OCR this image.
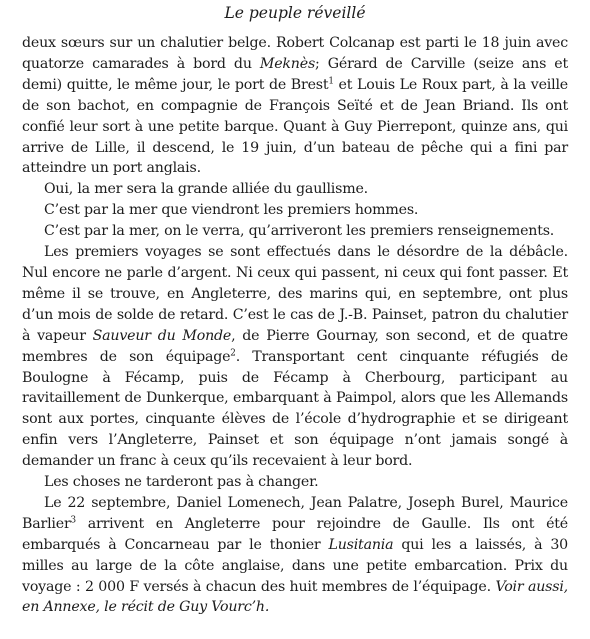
Le peuple réveillé

deux sœurs sur un chalutier belge. Robert Colcanap est parti le 18 juin avec quatorze camarades à bord du Meknès; Gérard de Carville (seize ans et demi) quitte, le même jour, le port de Brest$^1$ et Louis Le Roux part, à la veille de son bachot, en compagnie de François Seïté et de Jean Briand. Ils ont confié leur sort à une petite barque. Quant à Guy Pierrepont, quinze ans, qui arrive de Lille, il descend, le 19 juin, d’un bateau de pêche qui a fini par atteindre un port anglais.

Oui, la mer sera la grande alliée du gaullisme.

C’est par la mer que viendront les premiers hommes.

C’est par la mer, on le verra, qu’arriveront les premiers renseignements.

Les premiers voyages se sont effectués dans le désordre de la débâcle. Nul encore ne parle d’argent. Ni ceux qui passent, ni ceux qui font passer. Et même il se trouve, en Angleterre, des marins qui, en septembre, ont plus d’un mois de solde de retard. C’est le cas de J.-B. Painset, patron du chalutier à vapeur Sauveur du Monde, de Pierre Gournay, son second, et de quatre membres de son équipage$^2$. Transportant cent cinquante réfugiés de Boulogne à Fécamp, puis de Fécamp à Cherbourg, participant au ravitaillement de Dunkerque, embarquant à Paimpol, alors que les Allemands sont aux portes, cinquante élèves de l’école d’hydrographie et se dirigeant enfin vers l’Angleterre, Painset et son équipage n’ont jamais songé à demander un franc à ceux qu’ils recevaient à leur bord.

Les choses ne tarderont pas à changer.

Le 22 septembre, Daniel Lomenech, Jean Palatre, Joseph Burel, Maurice Barlier$^3$ arrivent en Angleterre pour rejoindre de Gaulle. Ils ont été embarqués à Concarneau par le thonier Lusitania qui les a laissés, à 30 milles au large de la côte anglaise, dans une petite embarcation. Prix du voyage : 2 000 F versés à chacun des huit membres de l’équipage. Voir aussi, en Annexe, le récit de Guy Vourc’h.
